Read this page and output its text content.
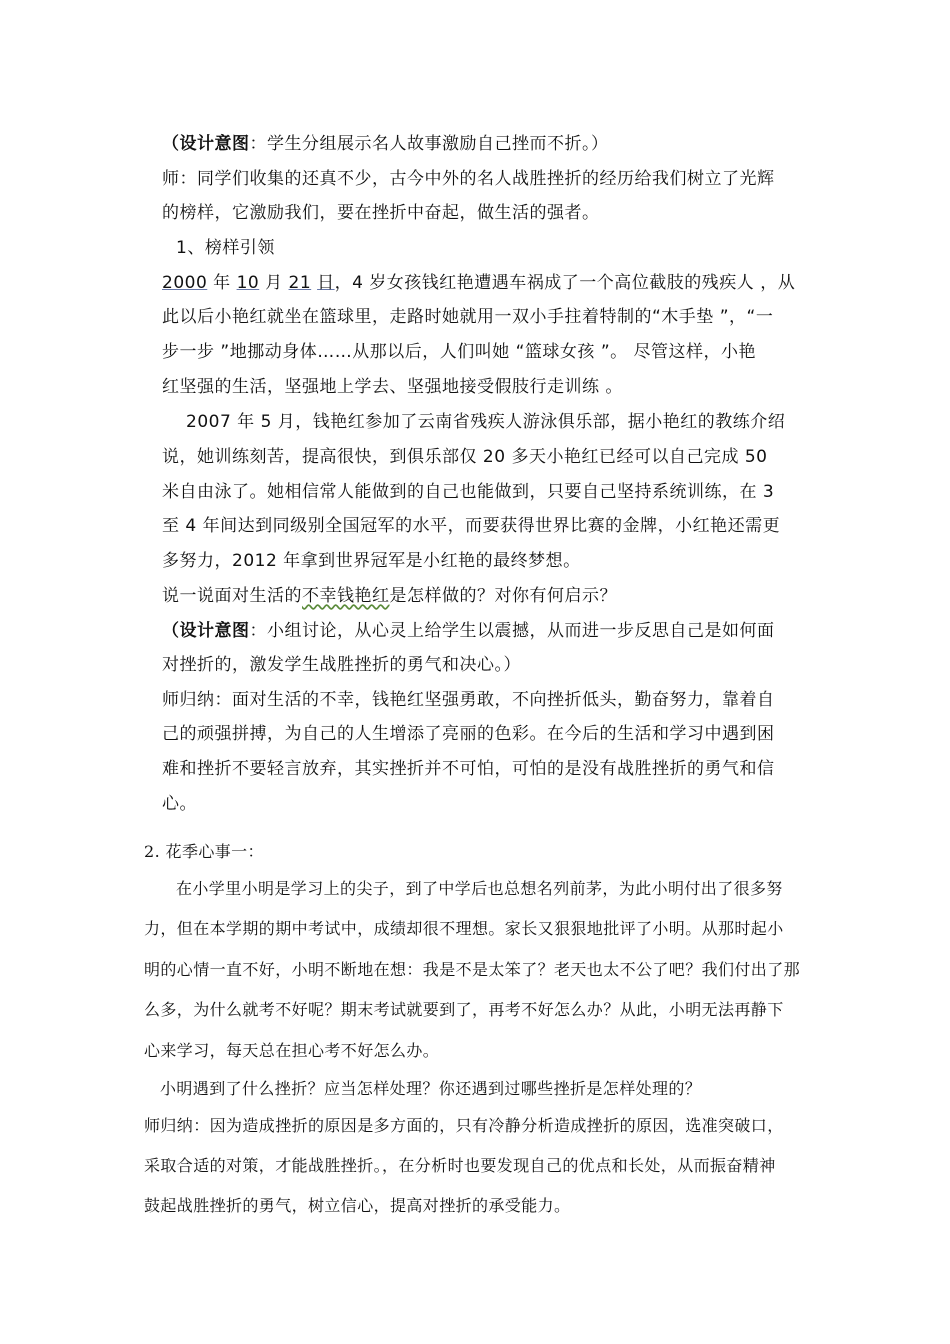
（设计意图：学生分组展示名人故事激励自己挫而不折。）
师：同学们收集的还真不少，古今中外的名人战胜挫折的经历给我们树立了光辉
的榜样，它激励我们，要在挫折中奋起，做生活的强者。
1、榜样引领
2000 年 10 月 21 日，4 岁女孩钱红艳遭遇车祸成了一个高位截肢的残疾人 ，从
此以后小艳红就坐在篮球里，走路时她就用一双小手拄着特制的“木手垫 ”，“一
步一步 ”地挪动身体……从那以后，人们叫她 “篮球女孩 ”。 尽管这样，小艳
红坚强的生活，坚强地上学去、坚强地接受假肢行走训练 。
2007 年 5 月，钱艳红参加了云南省残疾人游泳俱乐部，据小艳红的教练介绍
说，她训练刻苦，提高很快，到俱乐部仅 20 多天小艳红已经可以自己完成 50
米自由泳了。她相信常人能做到的自己也能做到，只要自己坚持系统训练，在 3
至 4 年间达到同级别全国冠军的水平，而要获得世界比赛的金牌，小红艳还需更
多努力，2012 年拿到世界冠军是小红艳的最终梦想。
说一说面对生活的不幸钱艳红是怎样做的？对你有何启示？
（设计意图：小组讨论，从心灵上给学生以震撼，从而进一步反思自己是如何面
对挫折的，激发学生战胜挫折的勇气和决心。）
师归纳：面对生活的不幸，钱艳红坚强勇敢，不向挫折低头，勤奋努力，靠着自
己的顽强拼搏，为自己的人生增添了亮丽的色彩。在今后的生活和学习中遇到困
难和挫折不要轻言放弃，其实挫折并不可怕，可怕的是没有战胜挫折的勇气和信
心。
2. 花季心事一：
在小学里小明是学习上的尖子，到了中学后也总想名列前茅，为此小明付出了很多努
力，但在本学期的期中考试中，成绩却很不理想。家长又狠狠地批评了小明。从那时起小
明的心情一直不好，小明不断地在想：我是不是太笨了？老天也太不公了吧？我们付出了那
么多，为什么就考不好呢？期末考试就要到了，再考不好怎么办？从此，小明无法再静下
心来学习，每天总在担心考不好怎么办。
小明遇到了什么挫折？应当怎样处理？你还遇到过哪些挫折是怎样处理的？
师归纳：因为造成挫折的原因是多方面的，只有冷静分析造成挫折的原因，选准突破口，
采取合适的对策，才能战胜挫折。，在分析时也要发现自己的优点和长处，从而振奋精神
鼓起战胜挫折的勇气，树立信心，提高对挫折的承受能力。
